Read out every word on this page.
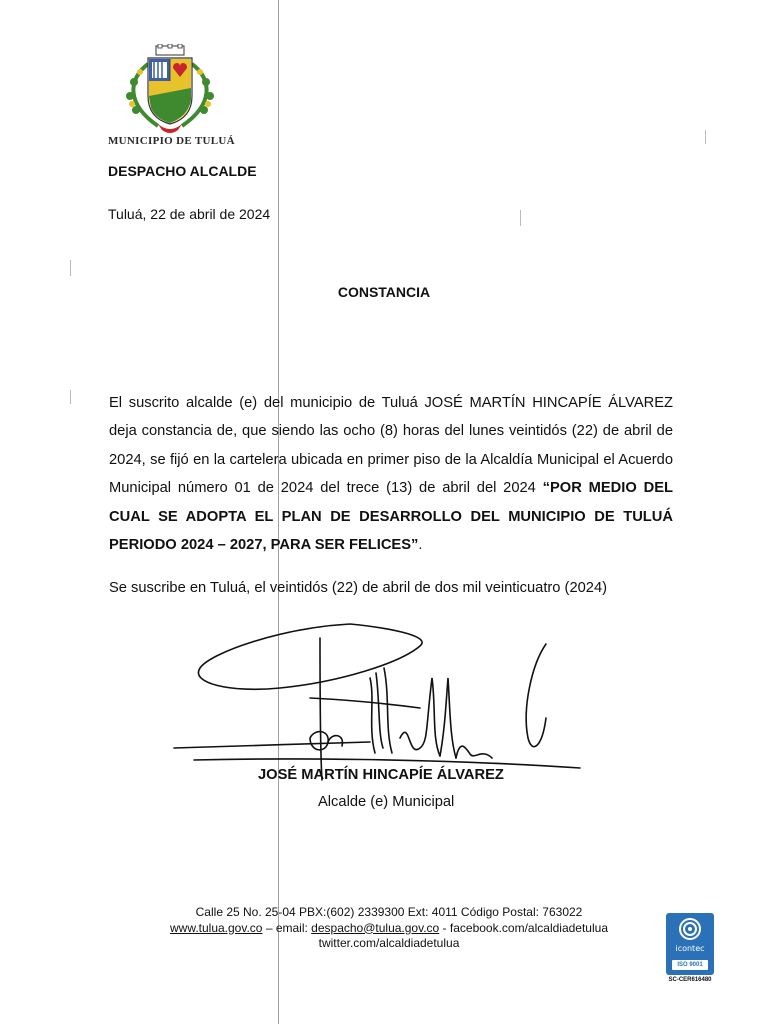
MUNICIPIO DE TULUÁ
DESPACHO ALCALDE
Tuluá, 22 de abril de 2024
CONSTANCIA
El suscrito alcalde (e) del municipio de Tuluá JOSÉ MARTÍN HINCAPÍE ÁLVAREZ deja constancia de, que siendo las ocho (8) horas del lunes veintidós (22) de abril de 2024, se fijó en la cartelera ubicada en primer piso de la Alcaldía Municipal el Acuerdo Municipal número 01 de 2024 del trece (13) de abril del 2024 “POR MEDIO DEL CUAL SE ADOPTA EL PLAN DE DESARROLLO DEL MUNICIPIO DE TULUÁ PERIODO 2024 – 2027, PARA SER FELICES”.
Se suscribe en Tuluá, el veintidós (22) de abril de dos mil veinticuatro (2024)
JOSÉ MARTÍN HINCAPÍE ÁLVAREZ
Alcalde (e) Municipal
Calle 25 No. 25-04 PBX:(602) 2339300 Ext: 4011 Código Postal: 763022
www.tulua.gov.co – email: despacho@tulua.gov.co - facebook.com/alcaldiadetulua
twitter.com/alcaldiadetulua	icontec
ISO 9001
SC-CER616480
